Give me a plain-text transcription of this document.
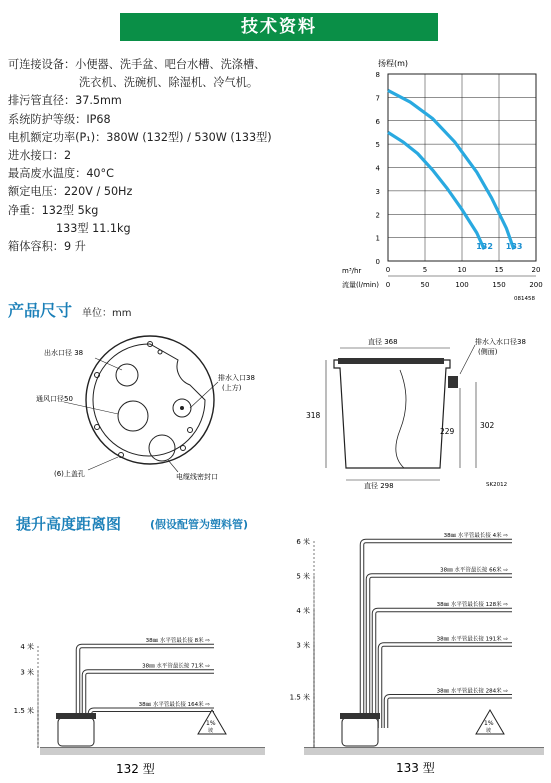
技术资料
可连接设备：小便器、洗手盆、吧台水槽、洗涤槽、
洗衣机、洗碗机、除湿机、冷气机。
排污管直径：37.5mm
系统防护等级：IP68
电机额定功率(P₁)：380W (132型) / 530W (133型)
进水接口：2
最高废水温度：40°C
额定电压：220V / 50Hz
净重：132型 5kg
133型 11.1kg
箱体容积：9 升
扬程(m)
0
1
2
3
4
5
6
7
8
0	5	10	15	20
0	50	100	150	200
132 133
m³/hr
流量(l/min)
081458
产品尺寸 单位：mm
出水口径 38
排水入口38
(上方)
通风口径50
(6)上盖孔	电缆线密封口
直径 368	排水入水口径38
(侧面)
318
302
229
直径 298	SK2012
提升高度距离图	(假设配管为塑料管)
4 米
38㎜ 水平管最长接 8米 ⇨
3 米
38㎜ 水平管最长接 71米 ⇨
1.5 米
38㎜ 水平管最长接 164米 ⇨
1%
坡
132 型
6 米
38㎜ 水平管最长接 4米 ⇨
5 米
38㎜ 水平管最长接 66米 ⇨
4 米
38㎜ 水平管最长接 128米 ⇨
3 米
38㎜ 水平管最长接 191米 ⇨
1.5 米
38㎜ 水平管最长接 284米 ⇨
1%
坡
133 型
